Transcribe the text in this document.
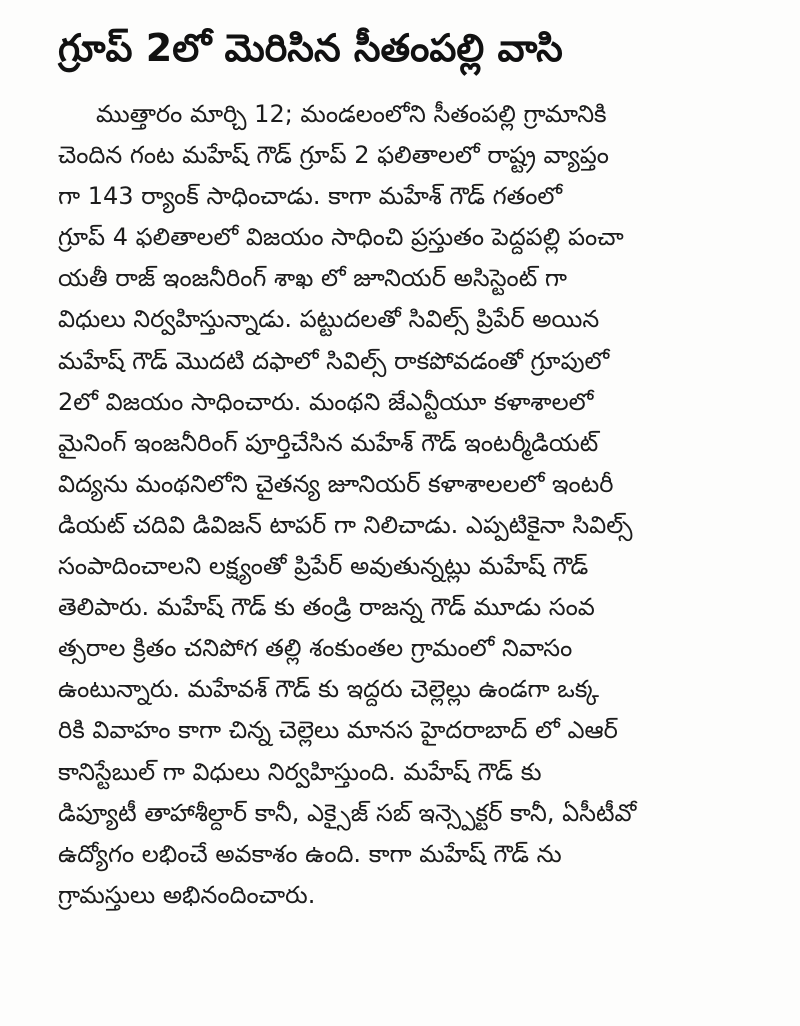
గ్రూప్ 2లో మెరిసిన సీతంపల్లి వాసి
ముత్తారం మార్చి 12; మండలంలోని సీతంపల్లి గ్రామానికి
చెందిన గంట మహేష్ గౌడ్ గ్రూప్ 2 ఫలితాలలో రాష్ట్ర వ్యాప్తం
గా 143 ర్యాంక్ సాధించాడు. కాగా మహేశ్ గౌడ్ గతంలో
గ్రూప్ 4 ఫలితాలలో విజయం సాధించి ప్రస్తుతం పెద్దపల్లి పంచా
యతీ రాజ్ ఇంజనీరింగ్ శాఖ లో జూనియర్ అసిస్టెంట్ గా
విధులు నిర్వహిస్తున్నాడు. పట్టుదలతో సివిల్స్ ప్రిపేర్ అయిన
మహేష్ గౌడ్ మొదటి దఫాలో సివిల్స్ రాకపోవడంతో గ్రూపులో
2లో విజయం సాధించారు. మంథని జేఎన్టీయూ కళాశాలలో
మైనింగ్ ఇంజనీరింగ్ పూర్తిచేసిన మహేశ్ గౌడ్ ఇంటర్మీడియట్
విద్యను మంథనిలోని చైతన్య జూనియర్ కళాశాలలలో ఇంటరీ
డియట్ చదివి డివిజన్ టాపర్ గా నిలిచాడు. ఎప్పటికైనా సివిల్స్
సంపాదించాలని లక్ష్యంతో ప్రిపేర్ అవుతున్నట్లు మహేష్ గౌడ్
తెలిపారు. మహేష్ గౌడ్ కు తండ్రి రాజన్న గౌడ్ మూడు సంవ
త్సరాల క్రితం చనిపోగ తల్లి శంకుంతల గ్రామంలో నివాసం
ఉంటున్నారు. మహేవశ్ గౌడ్ కు ఇద్దరు చెల్లెల్లు ఉండగా ఒక్క
రికి వివాహం కాగా చిన్న చెల్లెలు మానస హైదరాబాద్ లో ఎఆర్
కానిస్టేబుల్ గా విధులు నిర్వహిస్తుంది. మహేష్ గౌడ్ కు
డిప్యూటీ తాహాశీల్దార్ కానీ, ఎక్సైజ్ సబ్ ఇన్స్పెక్టర్ కానీ, ఏసీటీవో
ఉద్యోగం లభించే అవకాశం ఉంది. కాగా మహేష్ గౌడ్ ను
గ్రామస్తులు అభినందించారు.
